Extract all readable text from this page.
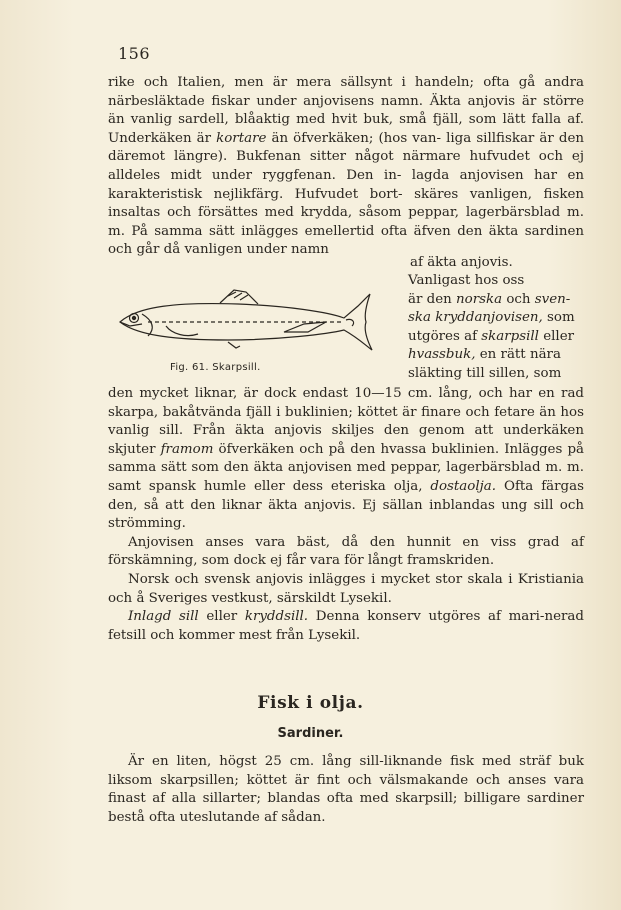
156

rike och Italien, men är mera sällsynt i handeln; ofta gå andra närbesläktade fiskar under anjovisens namn. Äkta anjovis är större än vanlig sardell, blåaktig med hvit buk, små fjäll, som lätt falla af. Underkäken är kortare än öfverkäken; (hos van- liga sillfiskar är den däremot längre). Bukfenan sitter något närmare hufvudet och ej alldeles midt under ryggfenan. Den in- lagda anjovisen har en karakteristisk nejlikfärg. Hufvudet bort- skäres vanligen, fisken insaltas och försättes med krydda, såsom peppar, lagerbärsblad m. m. På samma sätt inlägges emellertid ofta äfven den äkta sardinen och går då vanligen under namn

af äkta anjovis.

Fig. 61. Skarpsill.

Vanligast hos oss
är den norska och sven-
ska kryddanjovisen, som
utgöres af skarpsill eller
hvassbuk, en rätt nära
släkting till sillen, som

den mycket liknar, är dock endast 10—15 cm. lång, och har en rad skarpa, bakåtvända fjäll i buklinien; köttet är finare och fetare än hos vanlig sill. Från äkta anjovis skiljes den genom att underkäken skjuter framom öfverkäken och på den hvassa buklinien. Inlägges på samma sätt som den äkta anjovisen med peppar, lagerbärsblad m. m. samt spansk humle eller dess eteriska olja, dostaolja. Ofta färgas den, så att den liknar äkta anjovis. Ej sällan inblandas ung sill och strömming.

Anjovisen anses vara bäst, då den hunnit en viss grad af förskämning, som dock ej får vara för långt framskriden.

Norsk och svensk anjovis inlägges i mycket stor skala i Kristiania och å Sveriges vestkust, särskildt Lysekil.

Inlagd sill eller kryddsill. Denna konserv utgöres af mari-nerad fetsill och kommer mest från Lysekil.

Fisk i olja.
Sardiner.

Är en liten, högst 25 cm. lång sill-liknande fisk med sträf buk liksom skarpsillen; köttet är fint och välsmakande och anses vara finast af alla sillarter; blandas ofta med skarpsill; billigare sardiner bestå ofta uteslutande af sådan.
